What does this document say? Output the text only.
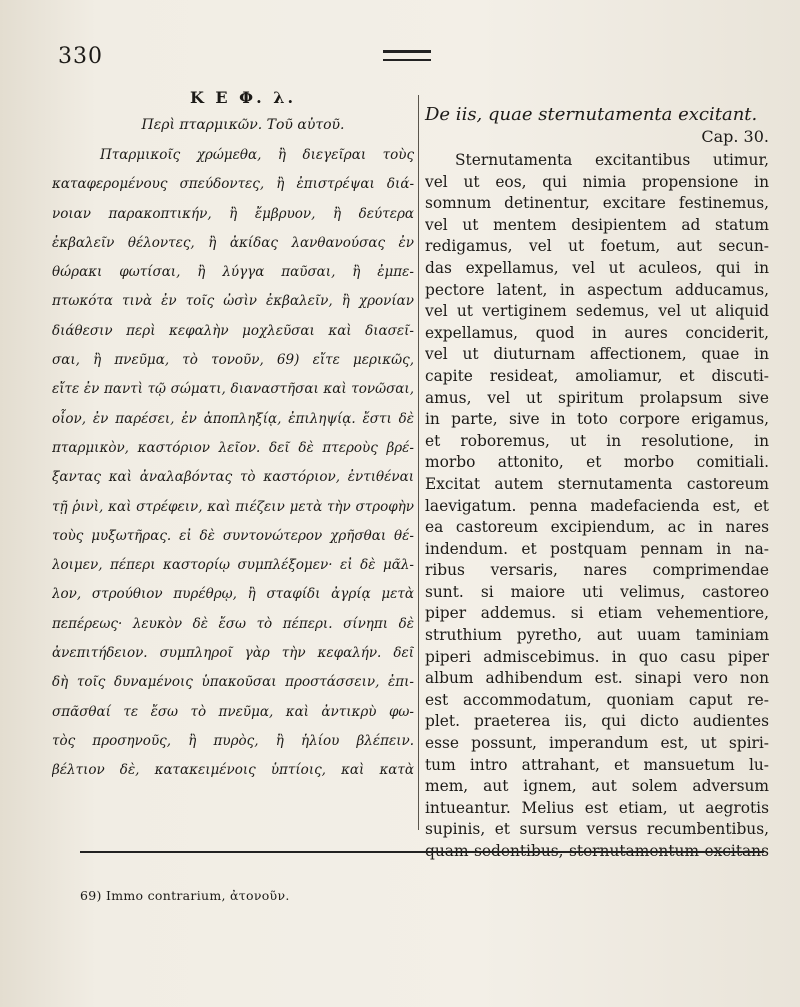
330
Κ Ε Φ. λ.
Περὶ πταρμικῶν. Τοῦ αὐτοῦ.
Πταρμικοῖς χρώμεθα, ἢ διεγεῖραι τοὺς
καταφερομένους σπεύδοντες, ἢ ἐπιστρέψαι διά-
νοιαν παρακοπτικήν, ἢ ἔμβρυον, ἢ δεύτερα
ἐκβαλεῖν θέλοντες, ἢ ἀκίδας λανθανούσας ἐν
θώρακι φωτίσαι, ἢ λύγγα παῦσαι, ἢ ἐμπε-
πτωκότα τινὰ ἐν τοῖς ὠσὶν ἐκβαλεῖν, ἢ χρονίαν
διάθεσιν περὶ κεφαλὴν μοχλεῦσαι καὶ διασεῖ-
σαι, ἢ πνεῦμα, τὸ τονοῦν, 69) εἴτε μερικῶς,
εἴτε ἐν παντὶ τῷ σώματι, διαναστῆσαι καὶ τονῶσαι,
οἷον, ἐν παρέσει, ἐν ἀποπληξίᾳ, ἐπιληψίᾳ. ἔστι δὲ
πταρμικὸν, καστόριον λεῖον. δεῖ δὲ πτεροὺς βρέ-
ξαντας καὶ ἀναλαβόντας τὸ καστόριον, ἐντιθέναι
τῇ ῥινὶ, καὶ στρέφειν, καὶ πιέζειν μετὰ τὴν στροφὴν
τοὺς μυξωτῆρας. εἰ δὲ συντονώτερον χρῆσθαι θέ-
λοιμεν, πέπερι καστορίῳ συμπλέξομεν· εἰ δὲ μᾶλ-
λον, στρούθιον πυρέθρῳ, ἢ σταφίδι ἀγρίᾳ μετὰ
πεπέρεως· λευκὸν δὲ ἔσω τὸ πέπερι. σίνηπι δὲ
ἀνεπιτήδειον. συμπληροῖ γὰρ τὴν κεφαλήν. δεῖ
δὴ τοῖς δυναμένοις ὑπακοῦσαι προστάσσειν, ἐπι-
σπᾶσθαί τε ἔσω τὸ πνεῦμα, καὶ ἀντικρὺ φω-
τὸς προσηνοῦς, ἢ πυρὸς, ἢ ἡλίου βλέπειν.
βέλτιον δὲ, κατακειμένοις ὑπτίοις, καὶ κατὰ
De iis, quae sternutamenta excitant.
Cap. 30.
Sternutamenta excitantibus utimur,
vel ut eos, qui nimia propensione in
somnum detinentur, excitare festinemus,
vel ut mentem desipientem ad statum
redigamus, vel ut foetum, aut secun-
das expellamus, vel ut aculeos, qui in
pectore latent, in aspectum adducamus,
vel ut vertiginem sedemus, vel ut aliquid
expellamus, quod in aures conciderit,
vel ut diuturnam affectionem, quae in
capite resideat, amoliamur, et discuti-
amus, vel ut spiritum prolapsum sive
in parte, sive in toto corpore erigamus,
et roboremus, ut in resolutione, in
morbo attonito, et morbo comitiali.
Excitat autem sternutamenta castoreum
laevigatum. penna madefacienda est, et
ea castoreum excipiendum, ac in nares
indendum. et postquam pennam in na-
ribus versaris, nares comprimendae
sunt. si maiore uti velimus, castoreo
piper addemus. si etiam vehementiore,
struthium pyretho, aut uuam taminiam
piperi admiscebimus. in quo casu piper
album adhibendum est. sinapi vero non
est accommodatum, quoniam caput re-
plet. praeterea iis, qui dicto audientes
esse possunt, imperandum est, ut spiri-
tum intro attrahant, et mansuetum lu-
mem, aut ignem, aut solem adversum
intueantur. Melius est etiam, ut aegrotis
supinis, et sursum versus recumbentibus,
quam sedentibus, sternutamentum excitans
69) Immo contrarium, ἀτονοῦν.
